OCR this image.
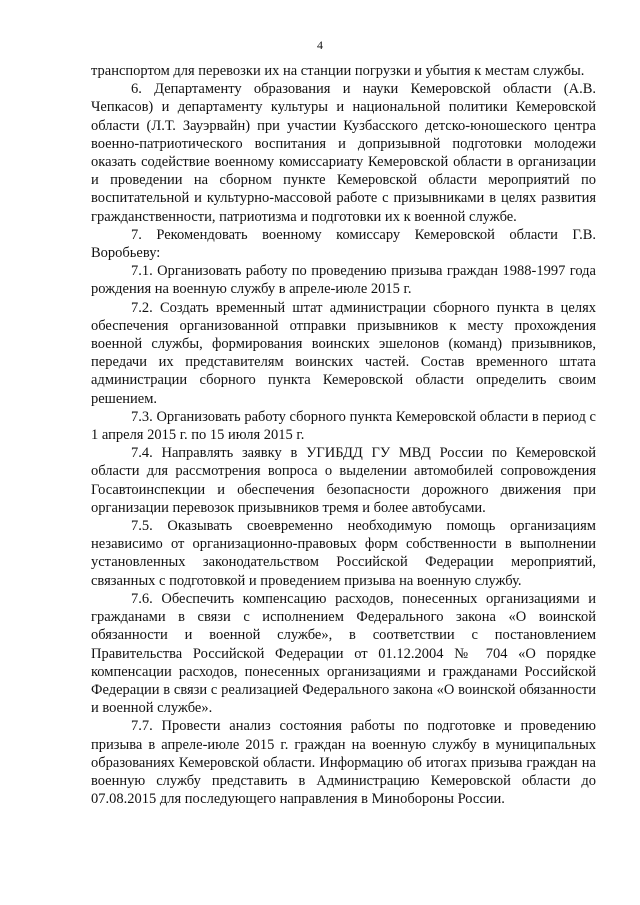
4

транспортом для перевозки их на станции погрузки и убытия к местам службы.

6. Департаменту образования и науки Кемеровской области (А.В. Чепкасов) и департаменту культуры и национальной политики Кемеровской области (Л.Т. Зауэрвайн) при участии Кузбасского детско-юношеского центра военно-патриотического воспитания и допризывной подготовки молодежи оказать содействие военному комиссариату Кемеровской области в организации и проведении на сборном пункте Кемеровской области мероприятий по воспитательной и культурно-массовой работе с призывниками в целях развития гражданственности, патриотизма и подготовки их к военной службе.

7. Рекомендовать военному комиссару Кемеровской области Г.В. Воробьеву:

7.1. Организовать работу по проведению призыва граждан 1988-1997 года рождения на военную службу в апреле-июле 2015 г.

7.2. Создать временный штат администрации сборного пункта в целях обеспечения организованной отправки призывников к месту прохождения военной службы, формирования воинских эшелонов (команд) призывников, передачи их представителям воинских частей. Состав временного штата администрации сборного пункта Кемеровской области определить своим решением.

7.3. Организовать работу сборного пункта Кемеровской области в период с 1 апреля 2015 г. по 15 июля 2015 г.

7.4. Направлять заявку в УГИБДД ГУ МВД России по Кемеровской области для рассмотрения вопроса о выделении автомобилей сопровождения Госавтоинспекции и обеспечения безопасности дорожного движения при организации перевозок призывников тремя и более автобусами.

7.5. Оказывать своевременно необходимую помощь организациям независимо от организационно-правовых форм собственности в выполнении установленных законодательством Российской Федерации мероприятий, связанных с подготовкой и проведением призыва на военную службу.

7.6. Обеспечить компенсацию расходов, понесенных организациями и гражданами в связи с исполнением Федерального закона «О воинской обязанности и военной службе», в соответствии с постановлением Правительства Российской Федерации от 01.12.2004 № 704 «О порядке компенсации расходов, понесенных организациями и гражданами Российской Федерации в связи с реализацией Федерального закона «О воинской обязанности и военной службе».

7.7. Провести анализ состояния работы по подготовке и проведению призыва в апреле-июле 2015 г. граждан на военную службу в муниципальных образованиях Кемеровской области. Информацию об итогах призыва граждан на военную службу представить в Администрацию Кемеровской области до 07.08.2015 для последующего направления в Минобороны России.
